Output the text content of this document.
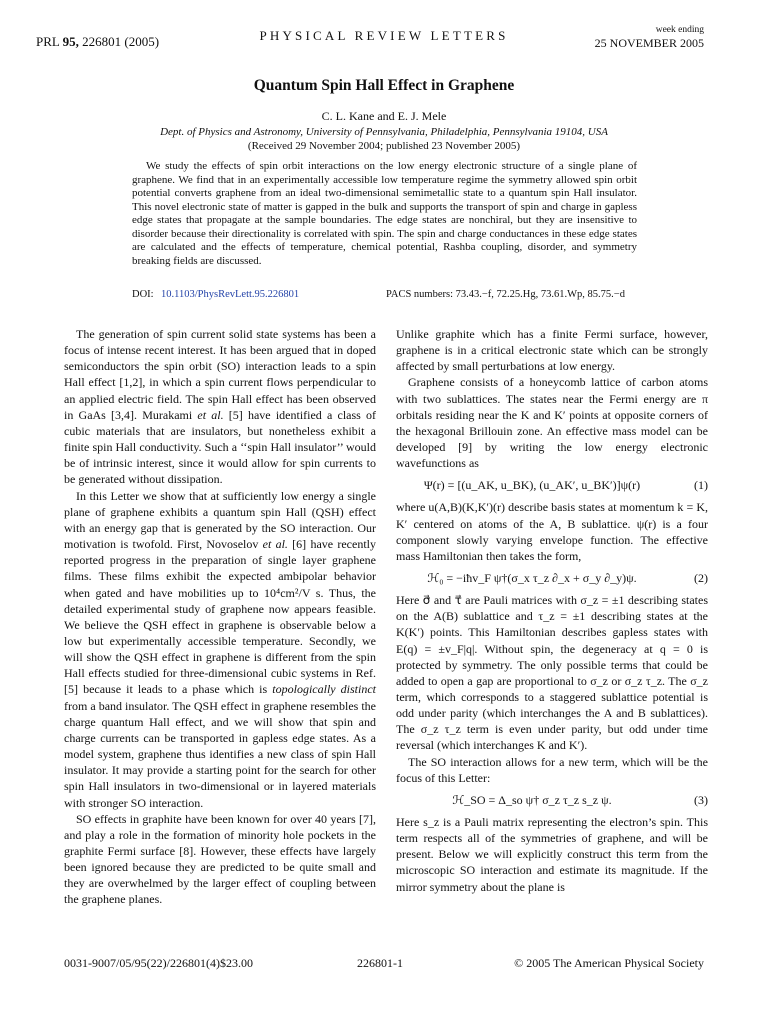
PRL 95, 226801 (2005)	PHYSICAL REVIEW LETTERS	week ending
25 NOVEMBER 2005
Quantum Spin Hall Effect in Graphene
C. L. Kane and E. J. Mele
Dept. of Physics and Astronomy, University of Pennsylvania, Philadelphia, Pennsylvania 19104, USA
(Received 29 November 2004; published 23 November 2005)
We study the effects of spin orbit interactions on the low energy electronic structure of a single plane of graphene. We find that in an experimentally accessible low temperature regime the symmetry allowed spin orbit potential converts graphene from an ideal two-dimensional semimetallic state to a quantum spin Hall insulator. This novel electronic state of matter is gapped in the bulk and supports the transport of spin and charge in gapless edge states that propagate at the sample boundaries. The edge states are nonchiral, but they are insensitive to disorder because their directionality is correlated with spin. The spin and charge conductances in these edge states are calculated and the effects of temperature, chemical potential, Rashba coupling, disorder, and symmetry breaking fields are discussed.
DOI: 10.1103/PhysRevLett.95.226801	PACS numbers: 73.43.−f, 72.25.Hg, 73.61.Wp, 85.75.−d

The generation of spin current solid state systems has been a focus of intense recent interest. It has been argued that in doped semiconductors the spin orbit (SO) interaction leads to a spin Hall effect [1,2], in which a spin current flows perpendicular to an applied electric field. The spin Hall effect has been observed in GaAs [3,4]. Murakami et al. [5] have identified a class of cubic materials that are insulators, but nonetheless exhibit a finite spin Hall conductivity. Such a ‘‘spin Hall insulator’’ would be of intrinsic interest, since it would allow for spin currents to be generated without dissipation.

In this Letter we show that at sufficiently low energy a single plane of graphene exhibits a quantum spin Hall (QSH) effect with an energy gap that is generated by the SO interaction. Our motivation is twofold. First, Novoselov et al. [6] have recently reported progress in the preparation of single layer graphene films. These films exhibit the expected ambipolar behavior when gated and have mobilities up to 10⁴cm²/V s. Thus, the detailed experimental study of graphene now appears feasible. We believe the QSH effect in graphene is observable below a low but experimentally accessible temperature. Secondly, we will show the QSH effect in graphene is different from the spin Hall effects studied for three-dimensional cubic systems in Ref. [5] because it leads to a phase which is topologically distinct from a band insulator. The QSH effect in graphene resembles the charge quantum Hall effect, and we will show that spin and charge currents can be transported in gapless edge states. As a model system, graphene thus identifies a new class of spin Hall insulator. It may provide a starting point for the search for other spin Hall insulators in two-dimensional or in layered materials with stronger SO interaction.

SO effects in graphite have been known for over 40 years [7], and play a role in the formation of minority hole pockets in the graphite Fermi surface [8]. However, these effects have largely been ignored because they are predicted to be quite small and they are overwhelmed by the larger effect of coupling between the graphene planes.

Unlike graphite which has a finite Fermi surface, however, graphene is in a critical electronic state which can be strongly affected by small perturbations at low energy.

Graphene consists of a honeycomb lattice of carbon atoms with two sublattices. The states near the Fermi energy are π orbitals residing near the K and K′ points at opposite corners of the hexagonal Brillouin zone. An effective mass model can be developed [9] by writing the low energy electronic wavefunctions as

Ψ(r) = [(u_AK, u_BK), (u_AK′, u_BK′)]ψ(r)	(1)

where u(A,B)(K,K′)(r) describe basis states at momentum k = K, K′ centered on atoms of the A, B sublattice. ψ(r) is a four component slowly varying envelope function. The effective mass Hamiltonian then takes the form,

ℋ₀ = −iħv_F ψ†(σ_x τ_z ∂_x + σ_y ∂_y)ψ.	(2)

Here σ⃗ and τ⃗ are Pauli matrices with σ_z = ±1 describing states on the A(B) sublattice and τ_z = ±1 describing states at the K(K′) points. This Hamiltonian describes gapless states with E(q) = ±v_F|q|. Without spin, the degeneracy at q = 0 is protected by symmetry. The only possible terms that could be added to open a gap are proportional to σ_z or σ_z τ_z. The σ_z term, which corresponds to a staggered sublattice potential is odd under parity (which interchanges the A and B sublattices). The σ_z τ_z term is even under parity, but odd under time reversal (which interchanges K and K′).

The SO interaction allows for a new term, which will be the focus of this Letter:

ℋ_SO = Δ_so ψ† σ_z τ_z s_z ψ.	(3)

Here s_z is a Pauli matrix representing the electron’s spin. This term respects all of the symmetries of graphene, and will be present. Below we will explicitly construct this term from the microscopic SO interaction and estimate its magnitude. If the mirror symmetry about the plane is

0031-9007/05/95(22)/226801(4)$23.00	226801-1	© 2005 The American Physical Society
